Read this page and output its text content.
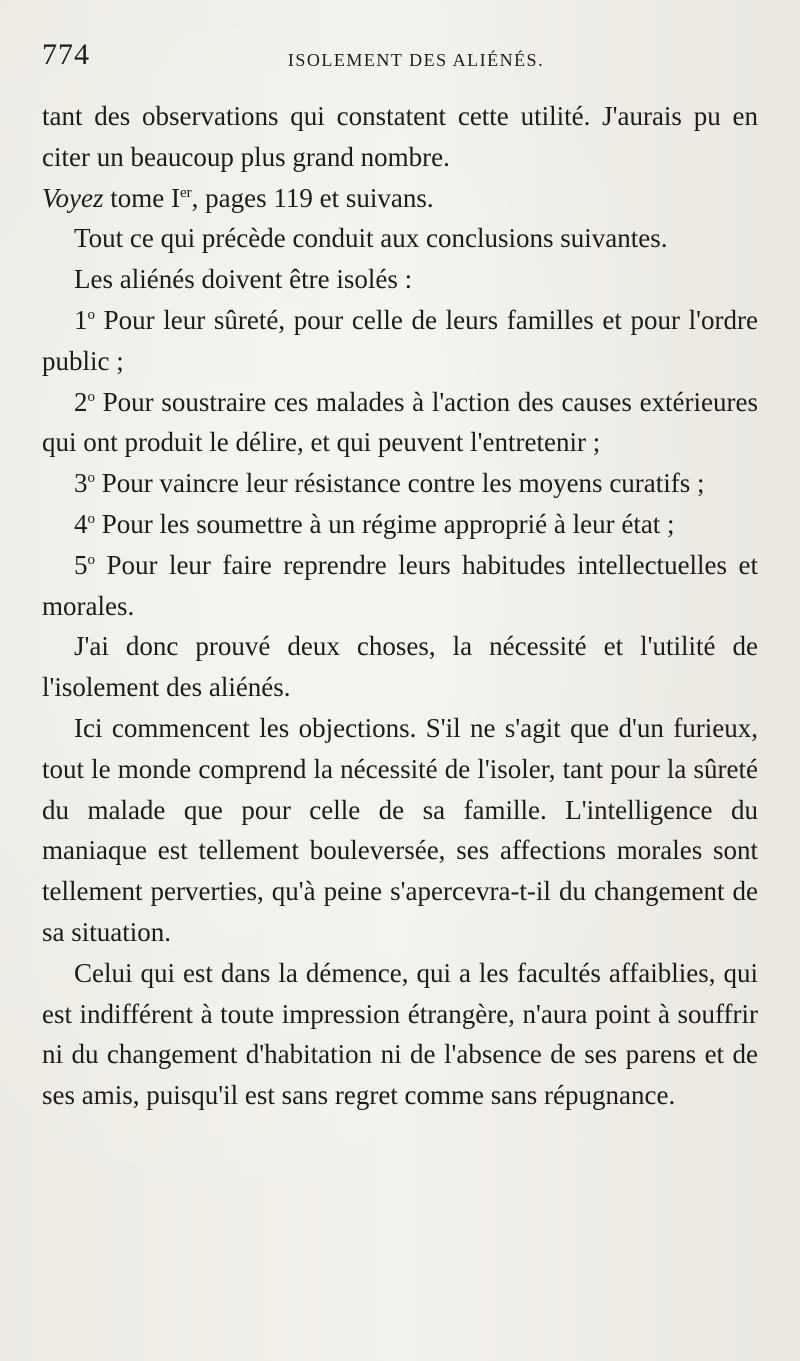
774	ISOLEMENT DES ALIÉNÉS.

tant des observations qui constatent cette utilité. J'aurais pu en citer un beaucoup plus grand nombre.

Voyez tome Ier, pages 119 et suivans.

Tout ce qui précède conduit aux conclusions suivantes.

Les aliénés doivent être isolés :

1$^o$ Pour leur sûreté, pour celle de leurs familles et pour l'ordre public ;

2$^o$ Pour soustraire ces malades à l'action des causes extérieures qui ont produit le délire, et qui peuvent l'entretenir ;

3$^o$ Pour vaincre leur résistance contre les moyens curatifs ;

4$^o$ Pour les soumettre à un régime approprié à leur état ;

5$^o$ Pour leur faire reprendre leurs habitudes intellectuelles et morales.

J'ai donc prouvé deux choses, la nécessité et l'utilité de l'isolement des aliénés.

Ici commencent les objections. S'il ne s'agit que d'un furieux, tout le monde comprend la nécessité de l'isoler, tant pour la sûreté du malade que pour celle de sa famille. L'intelligence du maniaque est tellement bouleversée, ses affections morales sont tellement perverties, qu'à peine s'apercevra-t-il du changement de sa situation.

Celui qui est dans la démence, qui a les facultés affaiblies, qui est indifférent à toute impression étrangère, n'aura point à souffrir ni du changement d'habitation ni de l'absence de ses parens et de ses amis, puisqu'il est sans regret comme sans répugnance.
